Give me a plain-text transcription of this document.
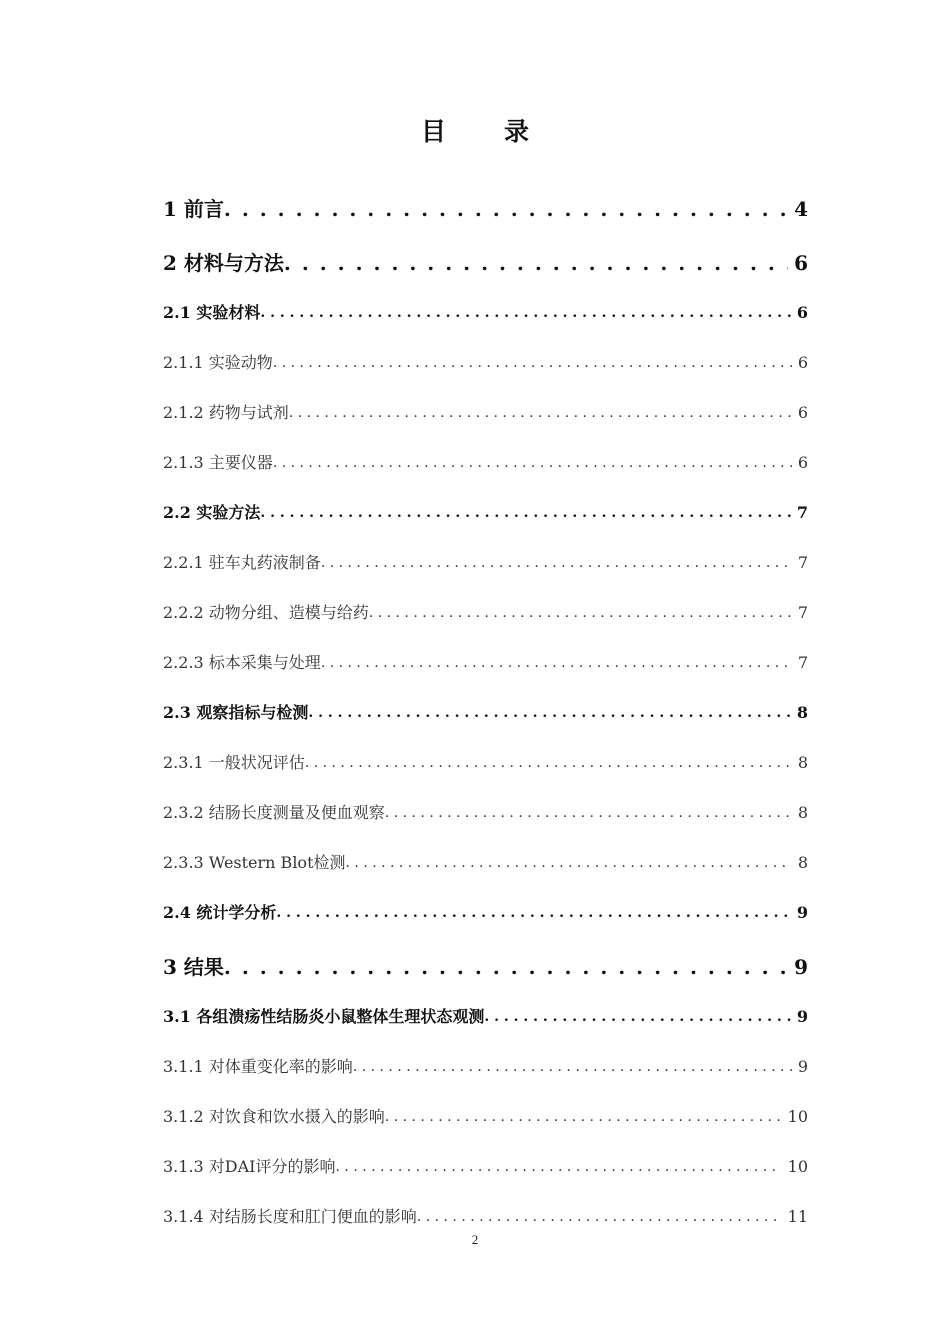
目 录
1 前言 . . .	4
2 材料与方法 . . .	6
2.1 实验材料 . . .	6
2.1.1 实验动物 . . .	6
2.1.2 药物与试剂 . . .	6
2.1.3 主要仪器 . . .	6
2.2 实验方法 . . .	7
2.2.1 驻车丸药液制备 . . .	7
2.2.2 动物分组、造模与给药 . . .	7
2.2.3 标本采集与处理 . . .	7
2.3 观察指标与检测 . . .	8
2.3.1 一般状况评估 . . .	8
2.3.2 结肠长度测量及便血观察 . . .	8
2.3.3 Western Blot检测 . . .	8
2.4 统计学分析 . . .	9
3 结果 . . .	9
3.1 各组溃疡性结肠炎小鼠整体生理状态观测 . . .	9
3.1.1 对体重变化率的影响 . . .	9
3.1.2 对饮食和饮水摄入的影响 . . .	10
3.1.3 对DAI评分的影响 . . .	10
3.1.4 对结肠长度和肛门便血的影响 . . .	11
2
